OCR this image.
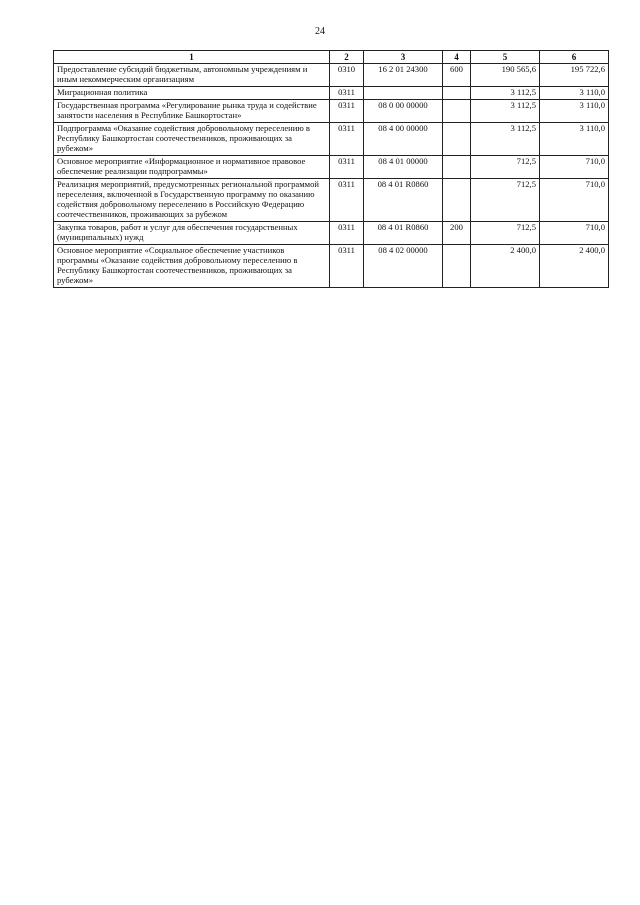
24
1	2	3	4	5	6
Предоставление субсидий бюджетным, автономным учреждениям и иным некоммерческим организациям	0310	16 2 01 24300	600	190 565,6	195 722,6
Миграционная политика	0311			3 112,5	3 110,0
Государственная программа «Регулирование рынка труда и содействие занятости населения в Республике Башкортостан»	0311	08 0 00 00000		3 112,5	3 110,0
Подпрограмма «Оказание содействия добровольному переселению в Республику Башкортостан соотечественников, проживающих за рубежом»	0311	08 4 00 00000		3 112,5	3 110,0
Основное мероприятие «Информационное и нормативное правовое обеспечение реализации подпрограммы»	0311	08 4 01 00000		712,5	710,0
Реализация мероприятий, предусмотренных региональной программой переселения, включенной в Государственную программу по оказанию содействия добровольному переселению в Российскую Федерацию соотечественников, проживающих за рубежом	0311	08 4 01 R0860		712,5	710,0
Закупка товаров, работ и услуг для обеспечения государственных (муниципальных) нужд	0311	08 4 01 R0860	200	712,5	710,0
Основное мероприятие «Социальное обеспечение участников программы «Оказание содействия добровольному переселению в Республику Башкортостан соотечественников, проживающих за рубежом»	0311	08 4 02 00000		2 400,0	2 400,0
